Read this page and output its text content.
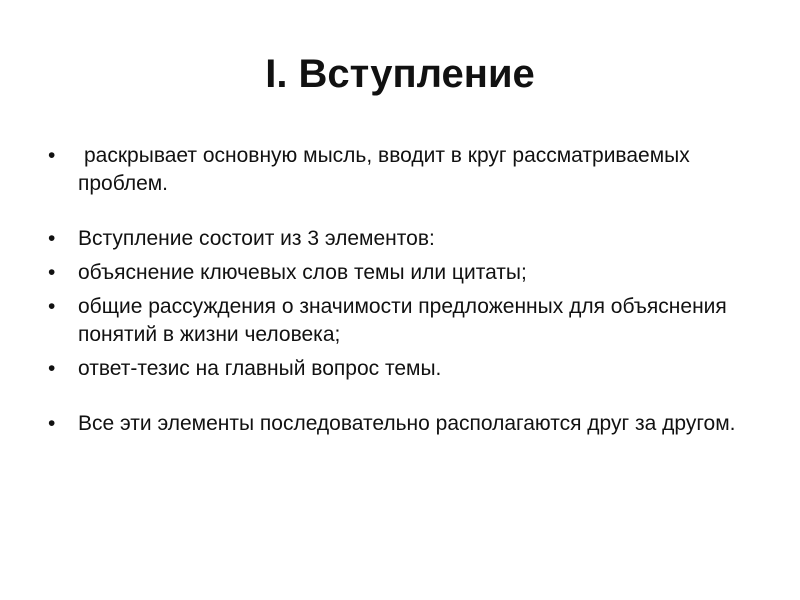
I. Вступление
•	раскрывает основную мысль, вводит в круг рассматриваемых проблем.
•	Вступление состоит из 3 элементов:
•	объяснение ключевых слов темы или цитаты;
•	общие рассуждения о значимости предложенных для объяснения понятий в жизни человека;
•	ответ-тезис на главный вопрос темы.
•	Все эти элементы последовательно располагаются друг за другом.
